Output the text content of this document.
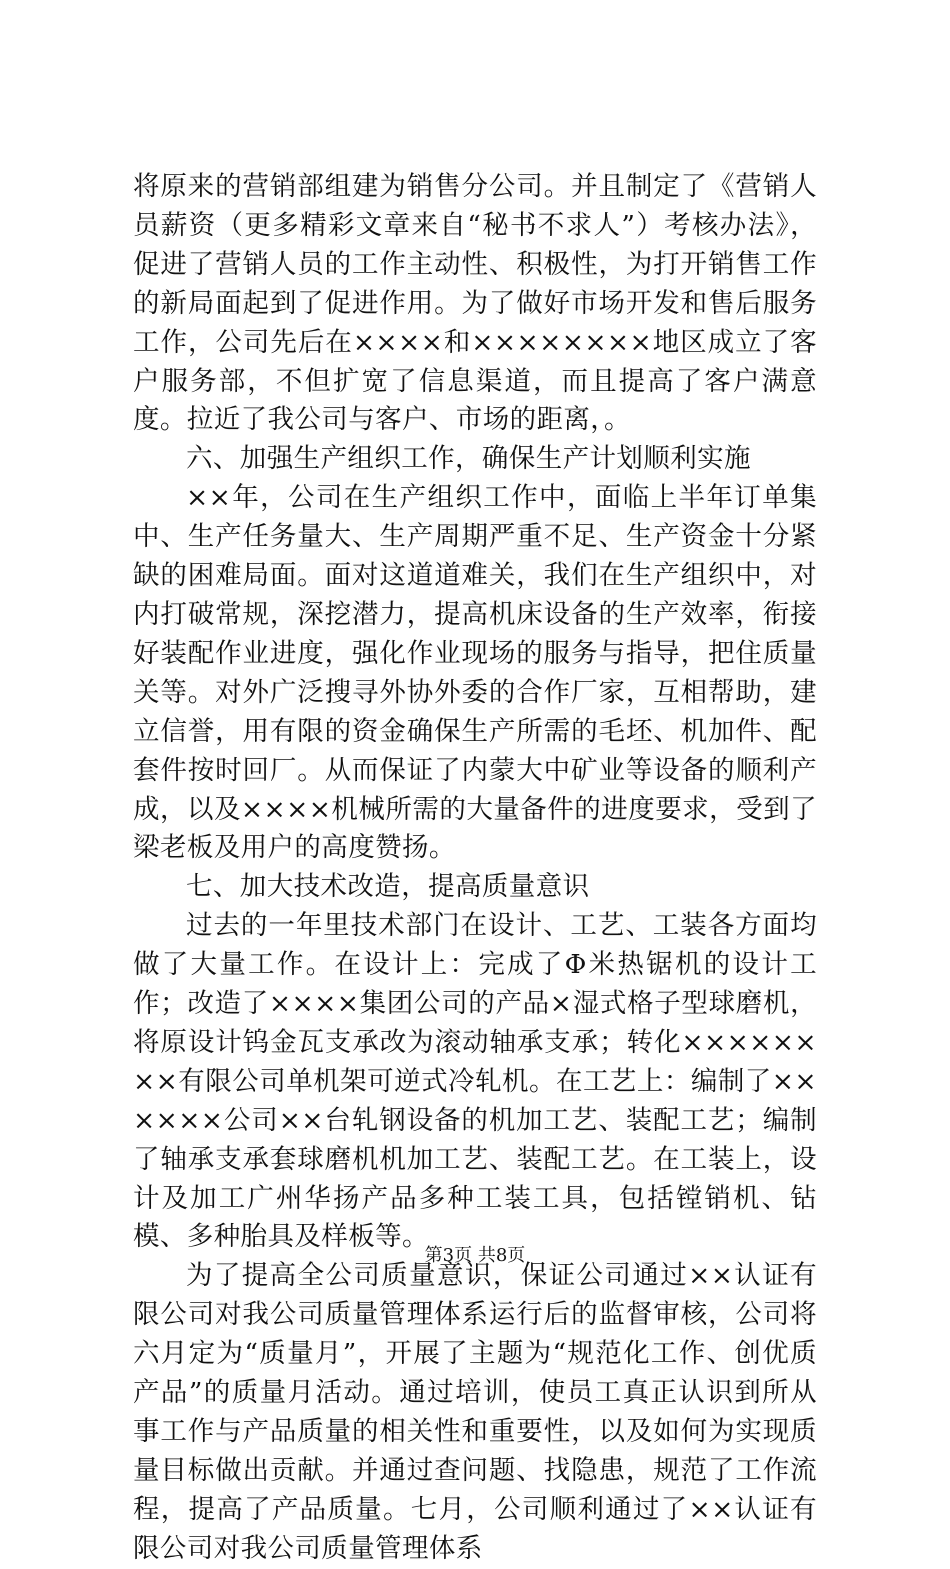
将原来的营销部组建为销售分公司。并且制定了《营销人员薪资（更多精彩文章来自“秘书不求人”）考核办法》，促进了营销人员的工作主动性、积极性，为打开销售工作的新局面起到了促进作用。为了做好市场开发和售后服务工作，公司先后在××××和××××××××地区成立了客户服务部，不但扩宽了信息渠道，而且提高了客户满意度。拉近了我公司与客户、市场的距离，。

六、加强生产组织工作，确保生产计划顺利实施

××年，公司在生产组织工作中，面临上半年订单集中、生产任务量大、生产周期严重不足、生产资金十分紧缺的困难局面。面对这道道难关，我们在生产组织中，对内打破常规，深挖潜力，提高机床设备的生产效率，衔接好装配作业进度，强化作业现场的服务与指导，把住质量关等。对外广泛搜寻外协外委的合作厂家，互相帮助，建立信誉，用有限的资金确保生产所需的毛坯、机加件、配套件按时回厂。从而保证了内蒙大中矿业等设备的顺利产成，以及××××机械所需的大量备件的进度要求，受到了梁老板及用户的高度赞扬。

七、加大技术改造，提高质量意识

过去的一年里技术部门在设计、工艺、工装各方面均做了大量工作。在设计上：完成了Φ米热锯机的设计工作；改造了××××集团公司的产品×湿式格子型球磨机，将原设计钨金瓦支承改为滚动轴承支承；转化××××××××有限公司单机架可逆式冷轧机。在工艺上：编制了××××××公司××台轧钢设备的机加工艺、装配工艺；编制了轴承支承套球磨机机加工艺、装配工艺。在工装上，设计及加工广州华扬产品多种工装工具，包括镗销机、钻模、多种胎具及样板等。

为了提高全公司质量意识，保证公司通过××认证有限公司对我公司质量管理体系运行后的监督审核，公司将六月定为“质量月”，开展了主题为“规范化工作、创优质产品”的质量月活动。通过培训，使员工真正认识到所从事工作与产品质量的相关性和重要性，以及如何为实现质量目标做出贡献。并通过查问题、找隐患，规范了工作流程，提高了产品质量。七月，公司顺利通过了××认证有限公司对我公司质量管理体系

第3页 共8页
